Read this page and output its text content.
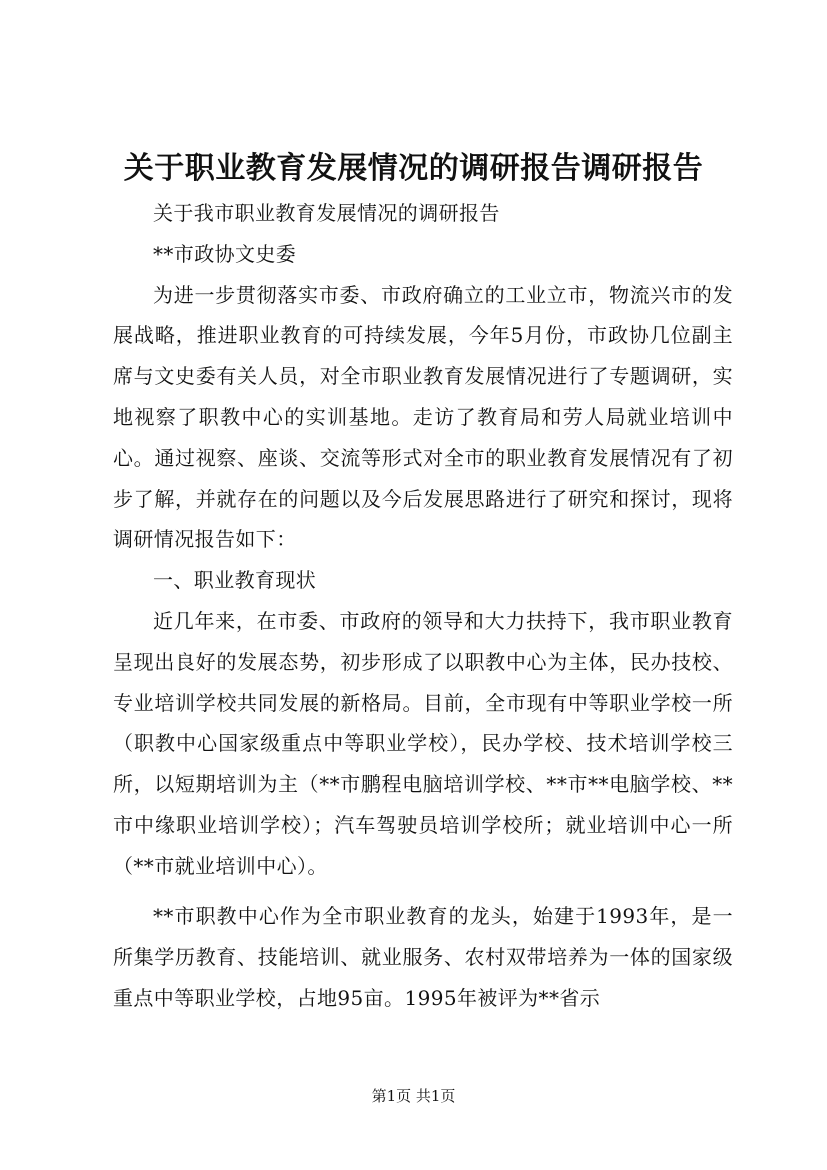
关于职业教育发展情况的调研报告调研报告

关于我市职业教育发展情况的调研报告

**市政协文史委

为进一步贯彻落实市委、市政府确立的工业立市，物流兴市的发展战略，推进职业教育的可持续发展，今年5月份，市政协几位副主席与文史委有关人员，对全市职业教育发展情况进行了专题调研，实地视察了职教中心的实训基地。走访了教育局和劳人局就业培训中心。通过视察、座谈、交流等形式对全市的职业教育发展情况有了初步了解，并就存在的问题以及今后发展思路进行了研究和探讨，现将调研情况报告如下：

一、职业教育现状

近几年来，在市委、市政府的领导和大力扶持下，我市职业教育呈现出良好的发展态势，初步形成了以职教中心为主体，民办技校、专业培训学校共同发展的新格局。目前，全市现有中等职业学校一所（职教中心国家级重点中等职业学校），民办学校、技术培训学校三所，以短期培训为主（**市鹏程电脑培训学校、**市**电脑学校、**市中缘职业培训学校）；汽车驾驶员培训学校所；就业培训中心一所（**市就业培训中心）。

**市职教中心作为全市职业教育的龙头，始建于1993年，是一所集学历教育、技能培训、就业服务、农村双带培养为一体的国家级重点中等职业学校，占地95亩。1995年被评为**省示

第1页 共1页
